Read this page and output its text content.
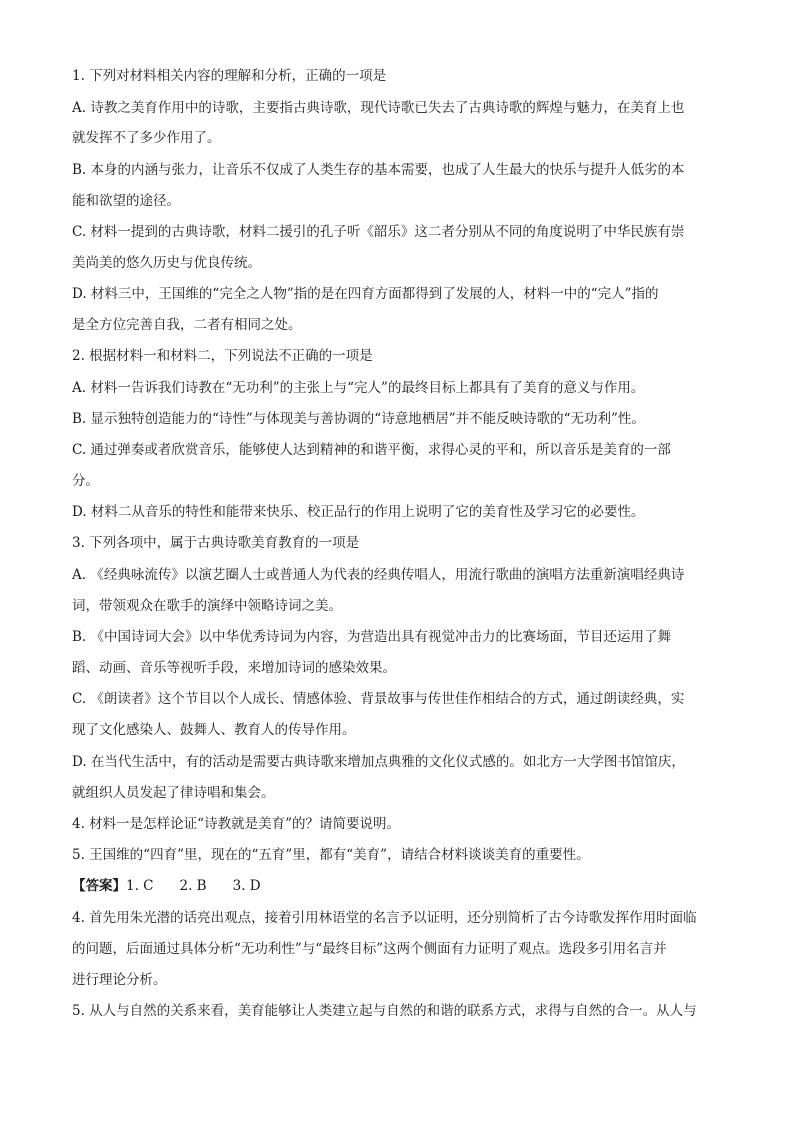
1. 下列对材料相关内容的理解和分析，正确的一项是
A. 诗教之美育作用中的诗歌，主要指古典诗歌，现代诗歌已失去了古典诗歌的辉煌与魅力，在美育上也
就发挥不了多少作用了。
B. 本身的内涵与张力，让音乐不仅成了人类生存的基本需要，也成了人生最大的快乐与提升人低劣的本
能和欲望的途径。
C. 材料一提到的古典诗歌，材料二援引的孔子听《韶乐》这二者分别从不同的角度说明了中华民族有崇
美尚美的悠久历史与优良传统。
D. 材料三中，王国维的“完全之人物”指的是在四育方面都得到了发展的人，材料一中的“完人”指的
是全方位完善自我，二者有相同之处。
2. 根据材料一和材料二，下列说法不正确的一项是
A. 材料一告诉我们诗教在“无功利”的主张上与“完人”的最终目标上都具有了美育的意义与作用。
B. 显示独特创造能力的“诗性”与体现美与善协调的“诗意地栖居”并不能反映诗歌的“无功利”性。
C. 通过弹奏或者欣赏音乐，能够使人达到精神的和谐平衡，求得心灵的平和，所以音乐是美育的一部
分。
D. 材料二从音乐的特性和能带来快乐、校正品行的作用上说明了它的美育性及学习它的必要性。
3. 下列各项中，属于古典诗歌美育教育的一项是
A. 《经典咏流传》以演艺圈人士或普通人为代表的经典传唱人，用流行歌曲的演唱方法重新演唱经典诗
词，带领观众在歌手的演绎中领略诗词之美。
B. 《中国诗词大会》以中华优秀诗词为内容，为营造出具有视觉冲击力的比赛场面，节目还运用了舞
蹈、动画、音乐等视听手段，来增加诗词的感染效果。
C. 《朗读者》这个节目以个人成长、情感体验、背景故事与传世佳作相结合的方式，通过朗读经典，实
现了文化感染人、鼓舞人、教育人的传导作用。
D. 在当代生活中，有的活动是需要古典诗歌来增加点典雅的文化仪式感的。如北方一大学图书馆馆庆，
就组织人员发起了律诗唱和集会。
4. 材料一是怎样论证“诗教就是美育”的？请简要说明。
5. 王国维的“四育”里，现在的“五育”里，都有“美育”，请结合材料谈谈美育的重要性。
【答案】1. C 2. B 3. D
4. 首先用朱光潜的话亮出观点，接着引用林语堂的名言予以证明，还分别简析了古今诗歌发挥作用时面临
的问题，后面通过具体分析“无功利性”与“最终目标”这两个侧面有力证明了观点。选段多引用名言并
进行理论分析。
5. 从人与自然的关系来看，美育能够让人类建立起与自然的和谐的联系方式，求得与自然的合一。从人与
